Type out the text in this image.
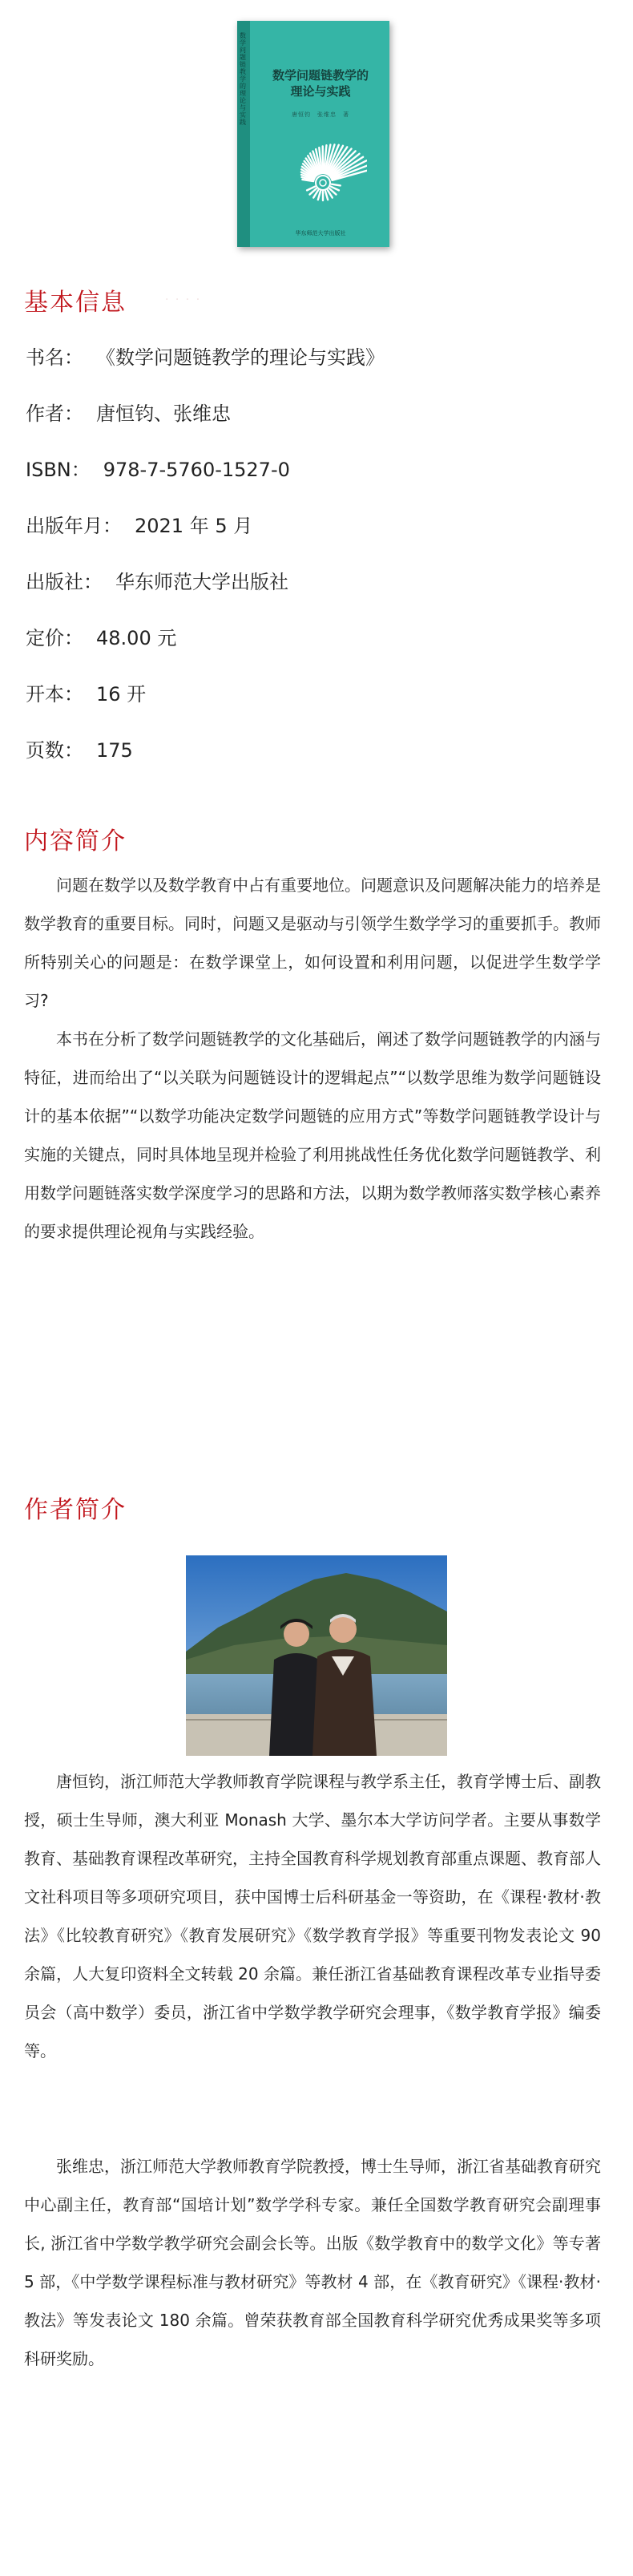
数学问题链教学的理论与实践
数学问题链教学的
理论与实践
唐恒钧　张维忠　著
华东师范大学出版社
基本信息	· · · ·
书名： 《数学问题链教学的理论与实践》
作者： 唐恒钧、张维忠
ISBN： 978-7-5760-1527-0
出版年月： 2021 年 5 月
出版社： 华东师范大学出版社
定价： 48.00 元
开本： 16 开
页数： 175
内容简介

问题在数学以及数学教育中占有重要地位。问题意识及问题解决能力的培养是数学教育的重要目标。同时，问题又是驱动与引领学生数学学习的重要抓手。教师所特别关心的问题是：在数学课堂上，如何设置和利用问题，以促进学生数学学习?

本书在分析了数学问题链教学的文化基础后，阐述了数学问题链教学的内涵与特征，进而给出了“以关联为问题链设计的逻辑起点”“以数学思维为数学问题链设计的基本依据”“以数学功能决定数学问题链的应用方式”等数学问题链教学设计与实施的关键点，同时具体地呈现并检验了利用挑战性任务优化数学问题链教学、利用数学问题链落实数学深度学习的思路和方法，以期为数学教师落实数学核心素养的要求提供理论视角与实践经验。

作者简介

唐恒钧，浙江师范大学教师教育学院课程与教学系主任，教育学博士后、副教授，硕士生导师，澳大利亚 Monash 大学、墨尔本大学访问学者。主要从事数学教育、基础教育课程改革研究，主持全国教育科学规划教育部重点课题、教育部人文社科项目等多项研究项目，获中国博士后科研基金一等资助，在《课程·教材·教法》《比较教育研究》《教育发展研究》《数学教育学报》等重要刊物发表论文 90 余篇，人大复印资料全文转载 20 余篇。兼任浙江省基础教育课程改革专业指导委员会（高中数学）委员，浙江省中学数学教学研究会理事，《数学教育学报》编委等。

张维忠，浙江师范大学教师教育学院教授，博士生导师，浙江省基础教育研究中心副主任，教育部“国培计划”数学学科专家。兼任全国数学教育研究会副理事长, 浙江省中学数学教学研究会副会长等。出版《数学教育中的数学文化》等专著 5 部，《中学数学课程标准与教材研究》等教材 4 部，在《教育研究》《课程·教材·教法》等发表论文 180 余篇。曾荣获教育部全国教育科学研究优秀成果奖等多项科研奖励。
